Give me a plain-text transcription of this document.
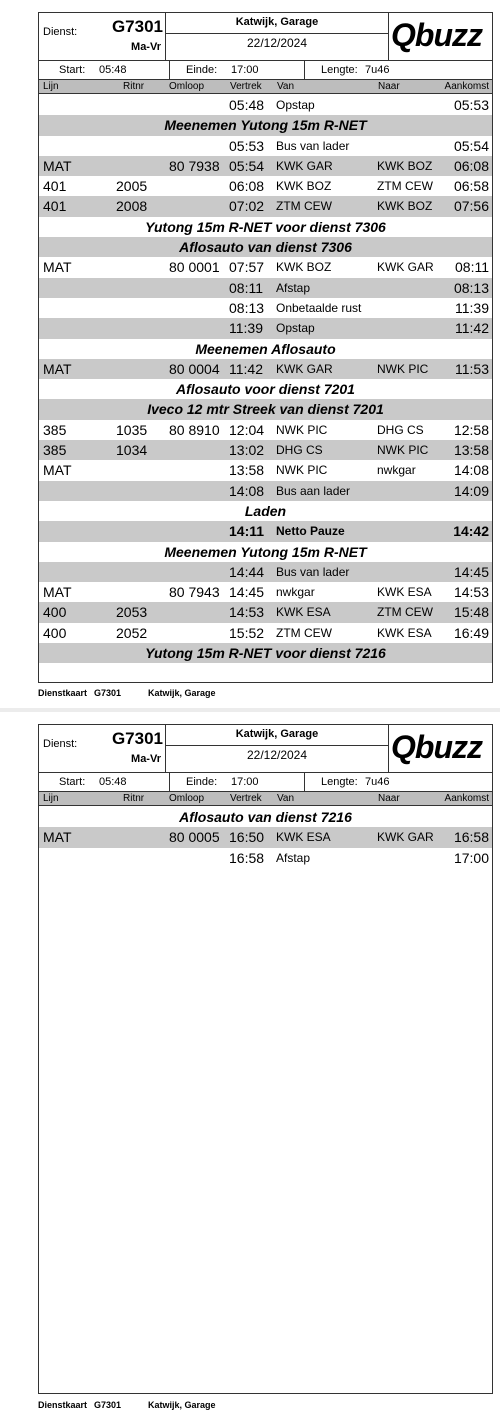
Dienst: G7301
Ma-Vr
Katwijk, Garage
22/12/2024	Qbuzz
Start: 05:48	Einde: 17:00	Lengte: 7u46
Lijn	Ritnr Omloop	Vertrek Van	Naar	Aankomst
05:48 Opstap	05:53
Meenemen Yutong 15m R-NET
05:53 Bus van lader	05:54
MAT	80 7938 05:54 KWK GAR	KWK BOZ 06:08
401	2005	06:08 KWK BOZ	ZTM CEW 06:58
401	2008	07:02 ZTM CEW	KWK BOZ 07:56
Yutong 15m R-NET voor dienst 7306
Aflosauto van dienst 7306
MAT	80 0001 07:57 KWK BOZ	KWK GAR 08:11
08:11 Afstap	08:13
08:13 Onbetaalde rust	11:39
11:39 Opstap	11:42
Meenemen Aflosauto
MAT	80 0004 11:42 KWK GAR	NWK PIC 11:53
Aflosauto voor dienst 7201
Iveco 12 mtr Streek van dienst 7201
385	1035 80 8910 12:04 NWK PIC	DHG CS 12:58
385	1034	13:02 DHG CS	NWK PIC 13:58
MAT	13:58 NWK PIC	nwkgar	14:08
14:08 Bus aan lader	14:09
Laden
14:11 Netto Pauze	14:42
Meenemen Yutong 15m R-NET
14:44 Bus van lader	14:45
MAT	80 7943 14:45 nwkgar	KWK ESA 14:53
400	2053	14:53 KWK ESA	ZTM CEW 15:48
400	2052	15:52 ZTM CEW	KWK ESA 16:49
Yutong 15m R-NET voor dienst 7216
Dienstkaart G7301	Katwijk, Garage
Dienst: G7301
Ma-Vr
Katwijk, Garage
22/12/2024	Qbuzz
Start: 05:48	Einde: 17:00	Lengte: 7u46
Lijn	Ritnr Omloop	Vertrek Van	Naar	Aankomst
Aflosauto van dienst 7216
MAT	80 0005 16:50 KWK ESA	KWK GAR 16:58
16:58 Afstap	17:00
Dienstkaart G7301	Katwijk, Garage
